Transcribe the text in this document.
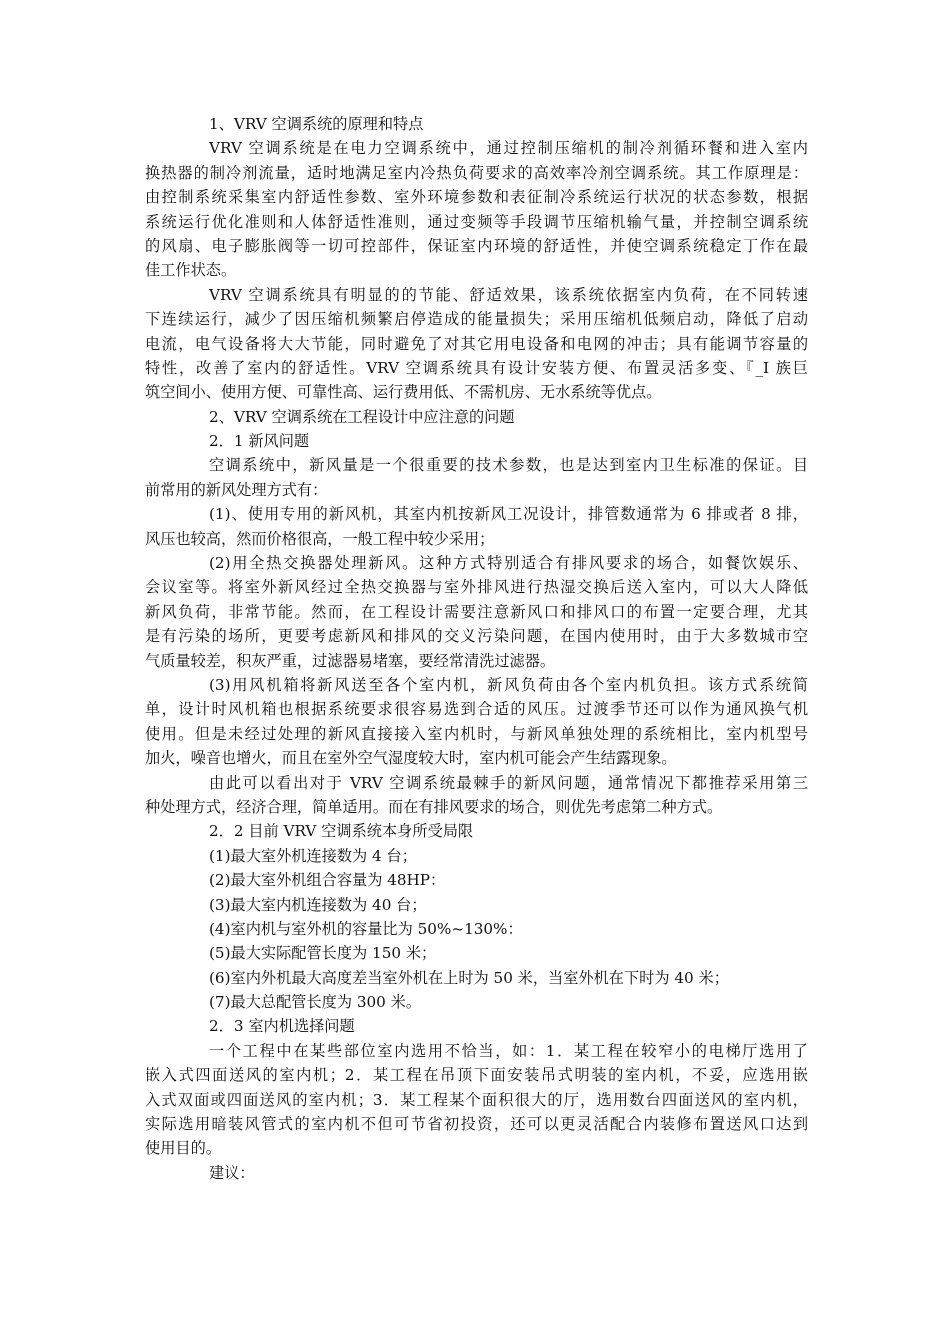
1、VRV 空调系统的原理和特点
VRV 空调系统是在电力空调系统中，通过控制压缩机的制冷剂循环餐和进入室内
换热器的制冷剂流量，适时地满足室内冷热负荷要求的高效率冷剂空调系统。其工作原理是：
由控制系统采集室内舒适性参数、室外环境参数和表征制冷系统运行状况的状态参数，根据
系统运行优化准则和人体舒适性准则，通过变频等手段调节压缩机输气量，并控制空调系统
的风扇、电子膨胀阀等一切可控部件，保证室内环境的舒适性，并使空调系统稳定丁作在最
佳工作状态。
VRV 空调系统具有明显的的节能、舒适效果，该系统依据室内负荷，在不同转速
下连续运行，减少了因压缩机频繁启停造成的能量损失；采用压缩机低频启动，降低了启动
电流，电气设备将大大节能，同时避免了对其它用电设备和电网的冲击；具有能调节容量的
特性，改善了室内的舒适性。VRV 空调系统具有设计安装方便、布置灵活多变、『_I 族巨
筑空间小、使用方便、可靠性高、运行费用低、不需机房、无水系统等优点。
2、VRV 空调系统在工程设计中应注意的问题
2．1 新风问题
空调系统中，新风量是一个很重要的技术参数，也是达到室内卫生标准的保证。目
前常用的新风处理方式有：
(1)、使用专用的新风机，其室内机按新风工况设计，排管数通常为 6 排或者 8 排，
风压也较高，然而价格很高，一般工程中较少采用；
(2)用全热交换器处理新风。这种方式特别适合有排风要求的场合，如餐饮娱乐、
会议室等。将室外新风经过全热交换器与室外排风进行热湿交换后送入室内，可以大人降低
新风负荷，非常节能。然而，在工程设计需要注意新风口和排风口的布置一定要合理，尤其
是有污染的场所，更要考虑新风和排风的交义污染问题，在国内使用时，由于大多数城市空
气质量较差，积灰严重，过滤器易堵塞，要经常清洗过滤器。
(3)用风机箱将新风送至各个室内机，新风负荷由各个室内机负担。该方式系统简
单，设计时风机箱也根据系统要求很容易选到合适的风压。过渡季节还可以作为通风换气机
使用。但是未经过处理的新风直接接入室内机时，与新风单独处理的系统相比，室内机型号
加火，噪音也增火，而且在室外空气湿度较大时，室内机可能会产生结露现象。
由此可以看出对于 VRV 空调系统最棘手的新风问题，通常情况下都推荐采用第三
种处理方式，经济合理，简单适用。而在有排风要求的场合，则优先考虑第二种方式。
2．2 目前 VRV 空调系统本身所受局限
(1)最大室外机连接数为 4 台；
(2)最大室外机组合容量为 48HP：
(3)最大室内机连接数为 40 台；
(4)室内机与室外机的容量比为 50%~130%：
(5)最大实际配管长度为 150 米；
(6)室内外机最大高度差当室外机在上时为 50 米，当室外机在下时为 40 米；
(7)最大总配管长度为 300 米。
2．3 室内机选择问题
一个工程中在某些部位室内选用不恰当，如：1．某工程在较窄小的电梯厅选用了
嵌入式四面送风的室内机；2．某工程在吊顶下面安装吊式明装的室内机，不妥，应选用嵌
入式双面或四面送风的室内机；3．某工程某个面积很大的厅，选用数台四面送风的室内机，
实际选用暗装风管式的室内机不但可节省初投资，还可以更灵活配合内装修布置送风口达到
使用目的。
建议：
